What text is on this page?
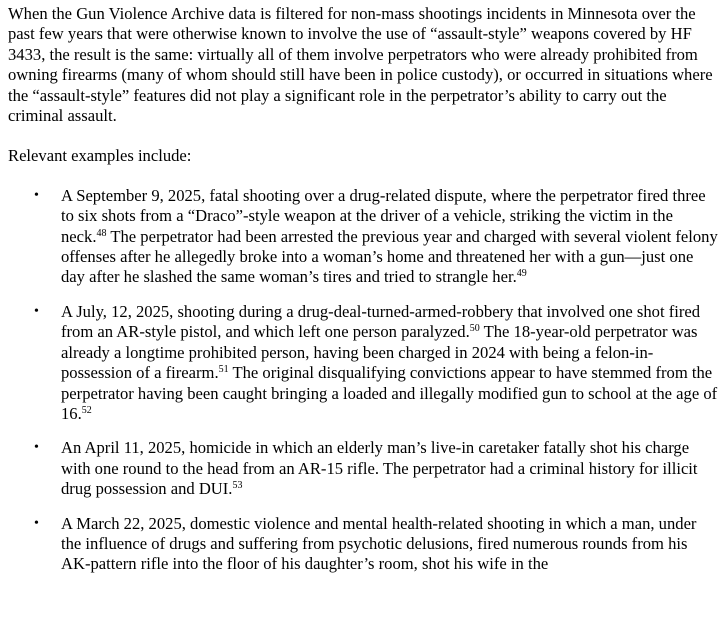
When the Gun Violence Archive data is filtered for non-mass shootings incidents in Minnesota over the past few years that were otherwise known to involve the use of “assault-style” weapons covered by HF 3433, the result is the same: virtually all of them involve perpetrators who were already prohibited from owning firearms (many of whom should still have been in police custody), or occurred in situations where the “assault-style” features did not play a significant role in the perpetrator’s ability to carry out the criminal assault.

Relevant examples include:

• A September 9, 2025, fatal shooting over a drug-related dispute, where the perpetrator fired three to six shots from a “Draco”-style weapon at the driver of a vehicle, striking the victim in the neck.$^{48}$ The perpetrator had been arrested the previous year and charged with several violent felony offenses after he allegedly broke into a woman’s home and threatened her with a gun—just one day after he slashed the same woman’s tires and tried to strangle her.$^{49}$
• A July, 12, 2025, shooting during a drug-deal-turned-armed-robbery that involved one shot fired from an AR-style pistol, and which left one person paralyzed.$^{50}$ The 18-year-old perpetrator was already a longtime prohibited person, having been charged in 2024 with being a felon-in-possession of a firearm.$^{51}$ The original disqualifying convictions appear to have stemmed from the perpetrator having been caught bringing a loaded and illegally modified gun to school at the age of 16.52
• An April 11, 2025, homicide in which an elderly man’s live-in caretaker fatally shot his charge with one round to the head from an AR-15 rifle. The perpetrator had a criminal history for illicit drug possession and DUI.$^{53}$
• A March 22, 2025, domestic violence and mental health-related shooting in which a man, under the influence of drugs and suffering from psychotic delusions, fired numerous rounds from his AK-pattern rifle into the floor of his daughter’s room, shot his wife in the
